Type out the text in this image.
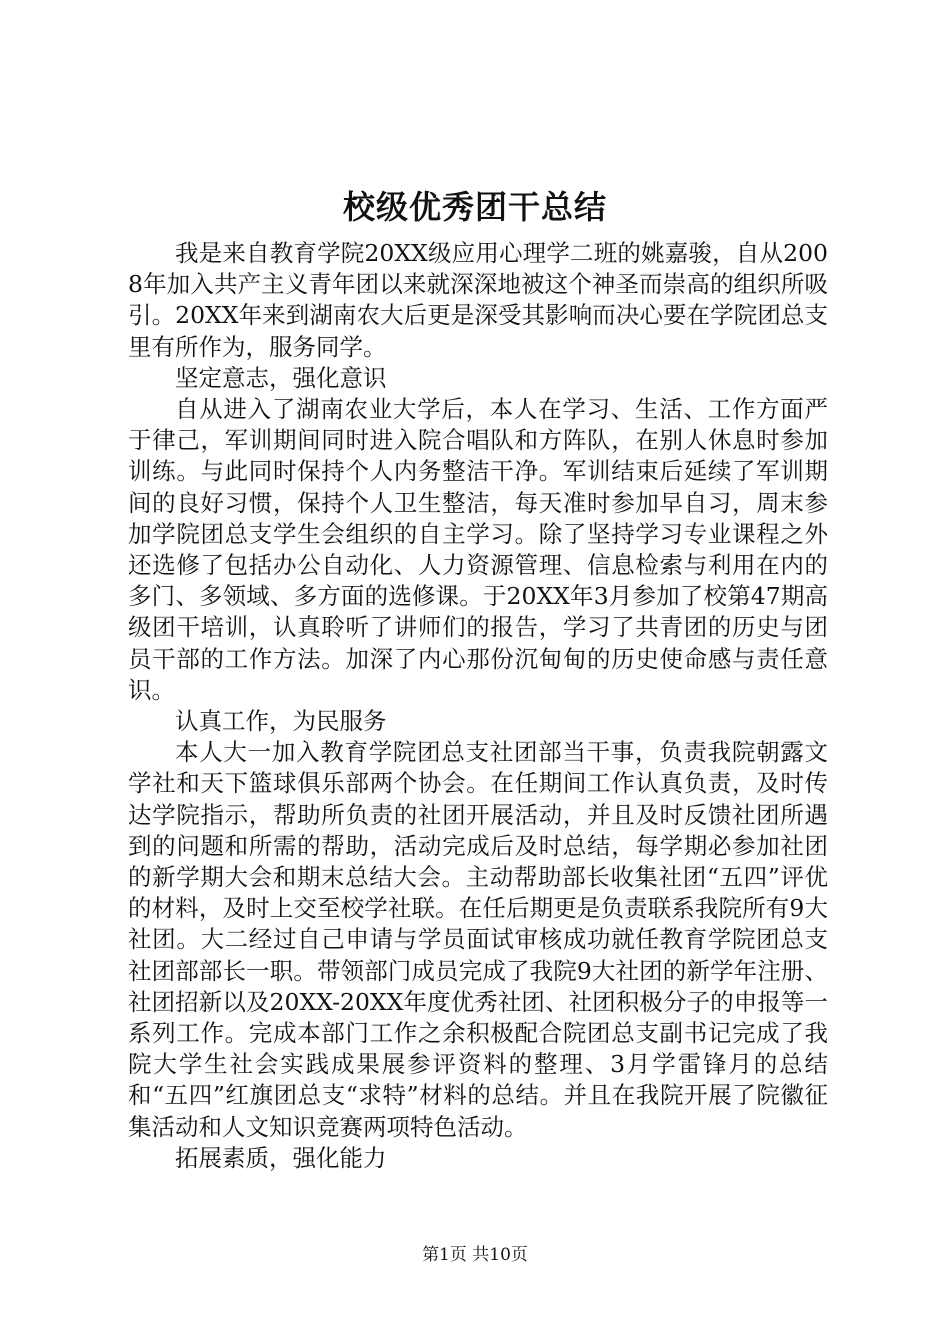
校级优秀团干总结

我是来自教育学院20XX级应用心理学二班的姚嘉骏，自从2008年加入共产主义青年团以来就深深地被这个神圣而崇高的组织所吸引。20XX年来到湖南农大后更是深受其影响而决心要在学院团总支里有所作为，服务同学。

坚定意志，强化意识

自从进入了湖南农业大学后，本人在学习、生活、工作方面严于律己，军训期间同时进入院合唱队和方阵队，在别人休息时参加训练。与此同时保持个人内务整洁干净。军训结束后延续了军训期间的良好习惯，保持个人卫生整洁，每天准时参加早自习，周末参加学院团总支学生会组织的自主学习。除了坚持学习专业课程之外还选修了包括办公自动化、人力资源管理、信息检索与利用在内的多门、多领域、多方面的选修课。于20XX年3月参加了校第47期高级团干培训，认真聆听了讲师们的报告，学习了共青团的历史与团员干部的工作方法。加深了内心那份沉甸甸的历史使命感与责任意识。

认真工作，为民服务

本人大一加入教育学院团总支社团部当干事，负责我院朝露文学社和天下篮球俱乐部两个协会。在任期间工作认真负责，及时传达学院指示，帮助所负责的社团开展活动，并且及时反馈社团所遇到的问题和所需的帮助，活动完成后及时总结，每学期必参加社团的新学期大会和期末总结大会。主动帮助部长收集社团“五四”评优的材料，及时上交至校学社联。在任后期更是负责联系我院所有9大社团。大二经过自己申请与学员面试审核成功就任教育学院团总支社团部部长一职。带领部门成员完成了我院9大社团的新学年注册、社团招新以及20XX-20XX年度优秀社团、社团积极分子的申报等一系列工作。完成本部门工作之余积极配合院团总支副书记完成了我院大学生社会实践成果展参评资料的整理、3月学雷锋月的总结和“五四”红旗团总支“求特”材料的总结。并且在我院开展了院徽征集活动和人文知识竞赛两项特色活动。

拓展素质，强化能力

第1页 共10页
